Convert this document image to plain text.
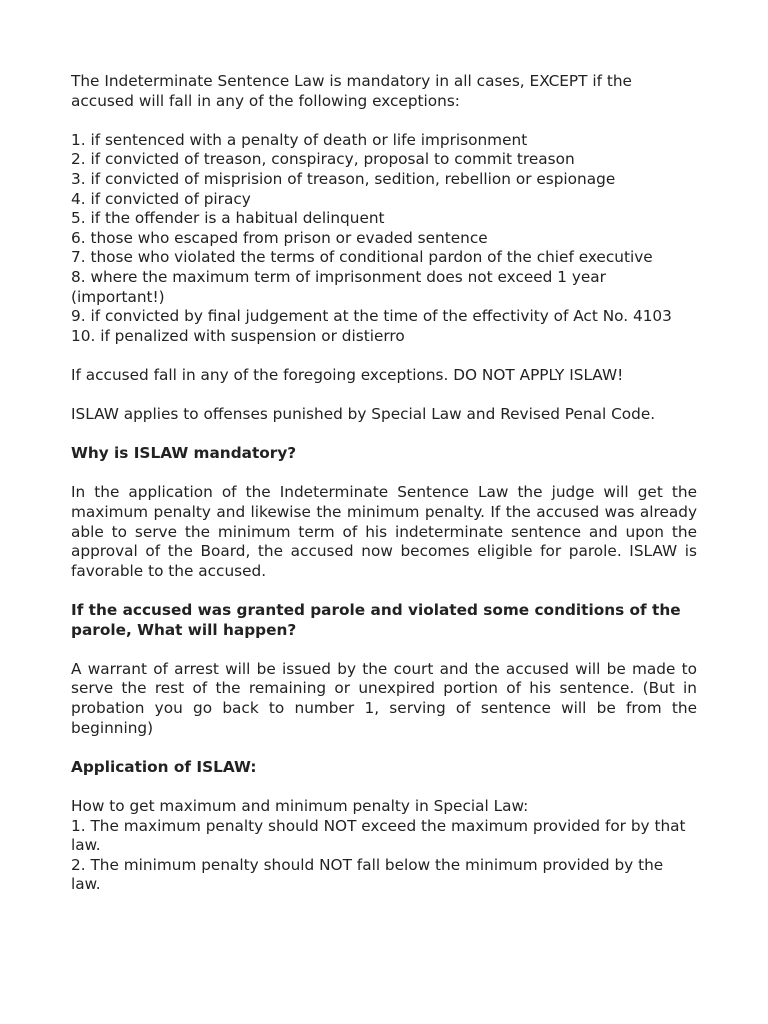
The Indeterminate Sentence Law is mandatory in all cases, EXCEPT if the accused will fall in any of the following exceptions:

1. if sentenced with a penalty of death or life imprisonment
2. if convicted of treason, conspiracy, proposal to commit treason
3. if convicted of misprision of treason, sedition, rebellion or espionage
4. if convicted of piracy
5. if the offender is a habitual delinquent
6. those who escaped from prison or evaded sentence
7. those who violated the terms of conditional pardon of the chief executive
8. where the maximum term of imprisonment does not exceed 1 year (important!)
9. if convicted by final judgement at the time of the effectivity of Act No. 4103
10. if penalized with suspension or distierro

If accused fall in any of the foregoing exceptions. DO NOT APPLY ISLAW!

ISLAW applies to offenses punished by Special Law and Revised Penal Code.

Why is ISLAW mandatory?

In the application of the Indeterminate Sentence Law the judge will get the maximum penalty and likewise the minimum penalty. If the accused was already able to serve the minimum term of his indeterminate sentence and upon the approval of the Board, the accused now becomes eligible for parole. ISLAW is favorable to the accused.

If the accused was granted parole and violated some conditions of the parole, What will happen?

A warrant of arrest will be issued by the court and the accused will be made to serve the rest of the remaining or unexpired portion of his sentence. (But in probation you go back to number 1, serving of sentence will be from the beginning)

Application of ISLAW:

How to get maximum and minimum penalty in Special Law:

1. The maximum penalty should NOT exceed the maximum provided for by that law.
2. The minimum penalty should NOT fall below the minimum provided by the law.
